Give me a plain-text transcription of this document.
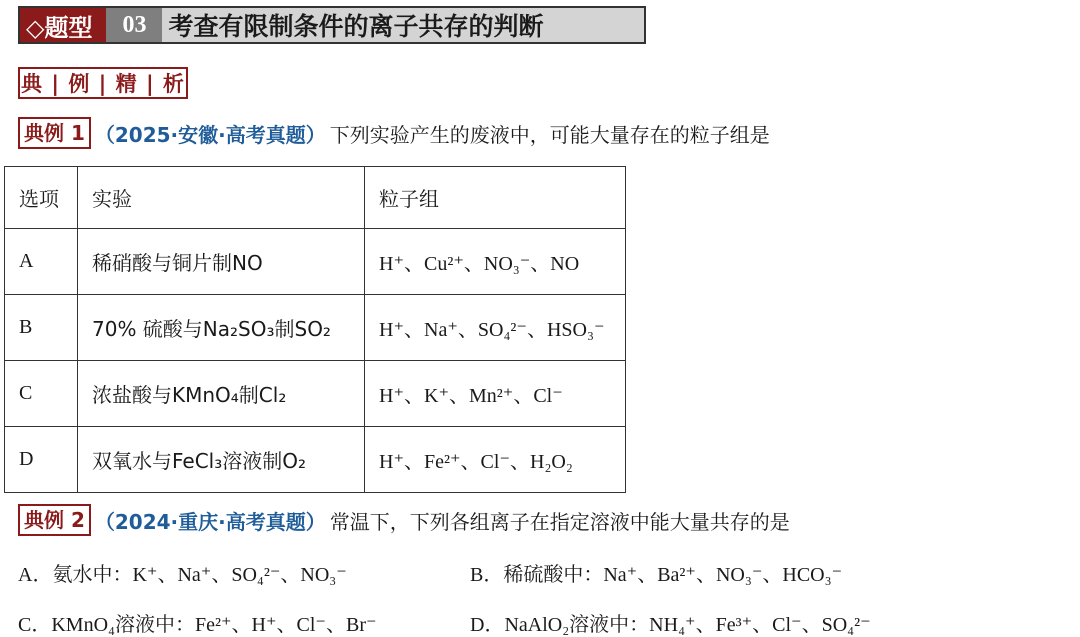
◇题型	03 考查有限制条件的离子共存的判断
典 | 例 | 精 | 析
典例 1 （2025·安徽·高考真题） 下列实验产生的废液中，可能大量存在的粒子组是
选项	实验	粒子组
A	稀硝酸与铜片制NO	H⁺、Cu²⁺、NO₃⁻、NO
B	70% 硫酸与Na₂SO₃制SO₂	H⁺、Na⁺、SO₄²⁻、HSO₃⁻
C	浓盐酸与KMnO₄制Cl₂	H⁺、K⁺、Mn²⁺、Cl⁻
D	双氧水与FeCl₃溶液制O₂	H⁺、Fe²⁺、Cl⁻、H₂O₂
典例 2 （2024·重庆·高考真题） 常温下，下列各组离子在指定溶液中能大量共存的是
A．氨水中：K⁺、Na⁺、SO₄²⁻、NO₃⁻	B．稀硫酸中：Na⁺、Ba²⁺、NO₃⁻、HCO₃⁻
C．KMnO₄溶液中：Fe²⁺、H⁺、Cl⁻、Br⁻	D．NaAlO₂溶液中：NH₄⁺、Fe³⁺、Cl⁻、SO₄²⁻
